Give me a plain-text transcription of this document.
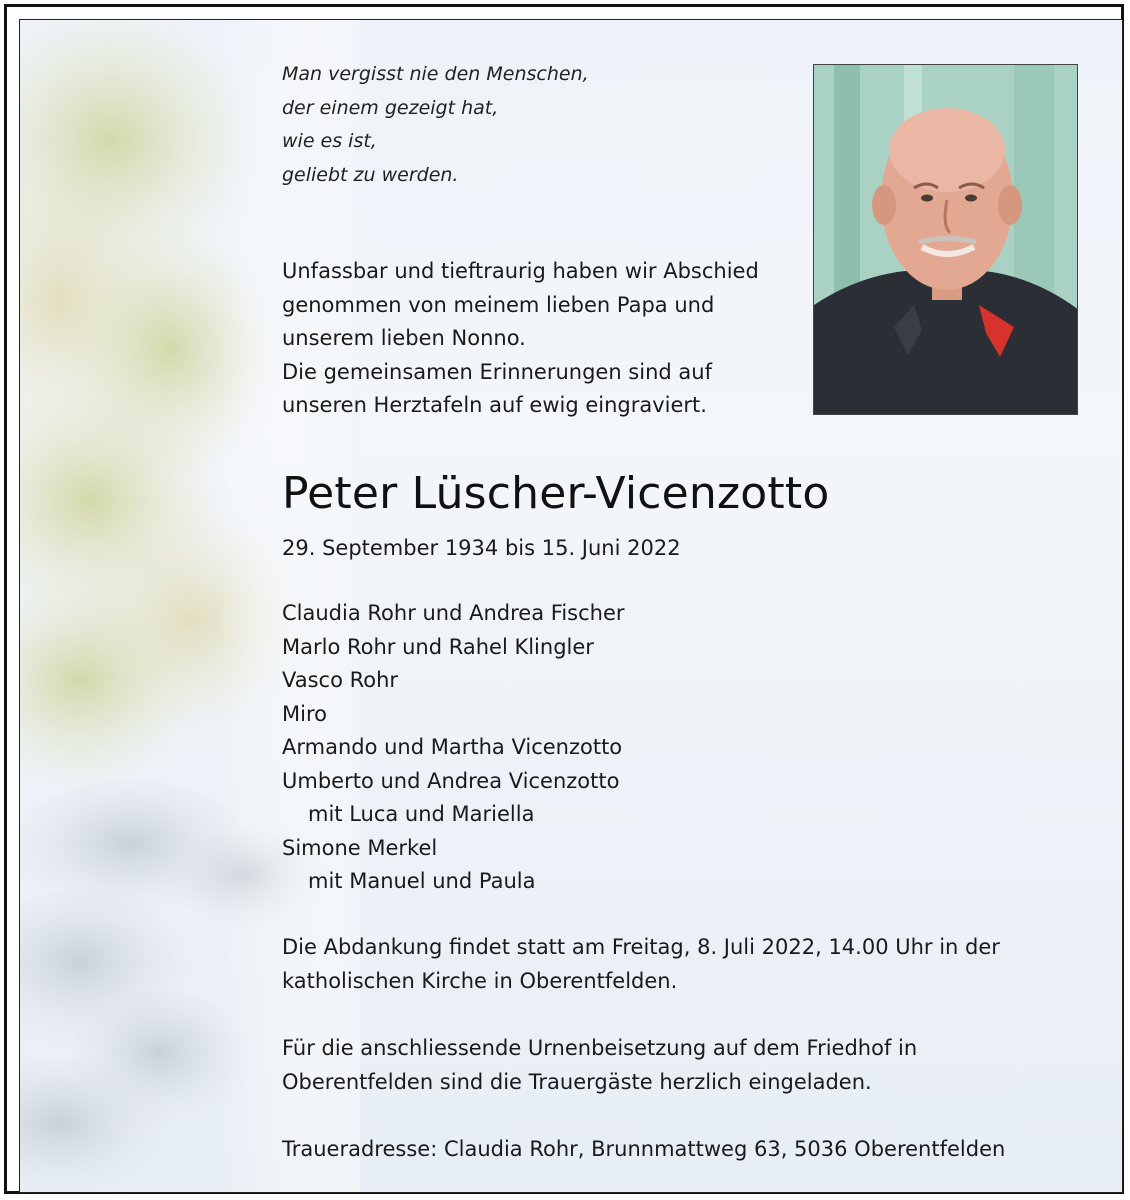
Man vergisst nie den Menschen,
der einem gezeigt hat,
wie es ist,
geliebt zu werden.
Unfassbar und tieftraurig haben wir Abschied
genommen von meinem lieben Papa und
unserem lieben Nonno.
Die gemeinsamen Erinnerungen sind auf
unseren Herztafeln auf ewig eingraviert.
Peter Lüscher-Vicenzotto
29. September 1934 bis 15. Juni 2022
Claudia Rohr und Andrea Fischer
Marlo Rohr und Rahel Klingler
Vasco Rohr
Miro
Armando und Martha Vicenzotto
Umberto und Andrea Vicenzotto
mit Luca und Mariella
Simone Merkel
mit Manuel und Paula
Die Abdankung findet statt am Freitag, 8. Juli 2022, 14.00 Uhr in der
katholischen Kirche in Oberentfelden.
Für die anschliessende Urnenbeisetzung auf dem Friedhof in
Oberentfelden sind die Trauergäste herzlich eingeladen.
Traueradresse: Claudia Rohr, Brunnmattweg 63, 5036 Oberentfelden
